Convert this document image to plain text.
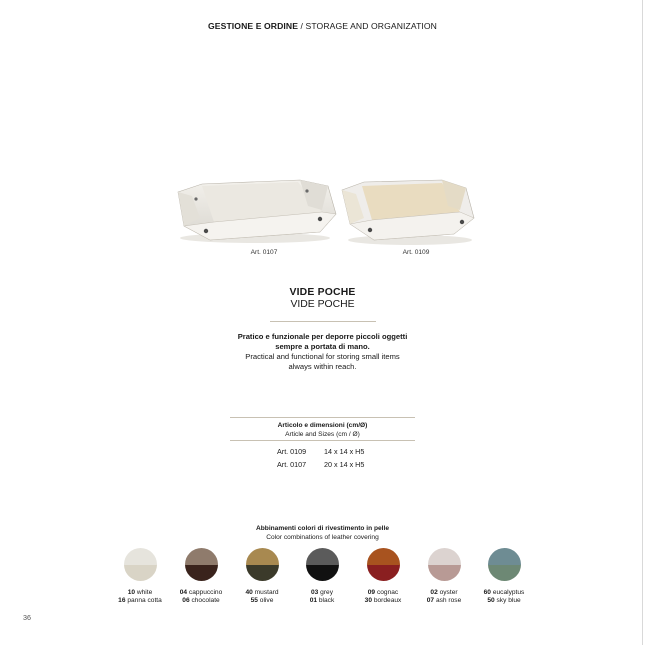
GESTIONE E ORDINE / STORAGE AND ORGANIZATION
Art. 0107	Art. 0109
VIDE POCHE
VIDE POCHE
Pratico e funzionale per deporre piccoli oggetti
sempre a portata di mano.
Practical and functional for storing small items
always within reach.
Articolo e dimensioni (cm/Ø)
Article and Sizes (cm / Ø)
Art. 0109 14 x 14 x H5
Art. 0107 20 x 14 x H5
Abbinamenti colori di rivestimento in pelle
Color combinations of leather covering
10 white
16 panna cotta
04 cappuccino
06 chocolate
40 mustard
55 olive
03 grey
01 black
09 cognac
30 bordeaux
02 oyster
07 ash rose
60 eucalyptus
50 sky blue
36
